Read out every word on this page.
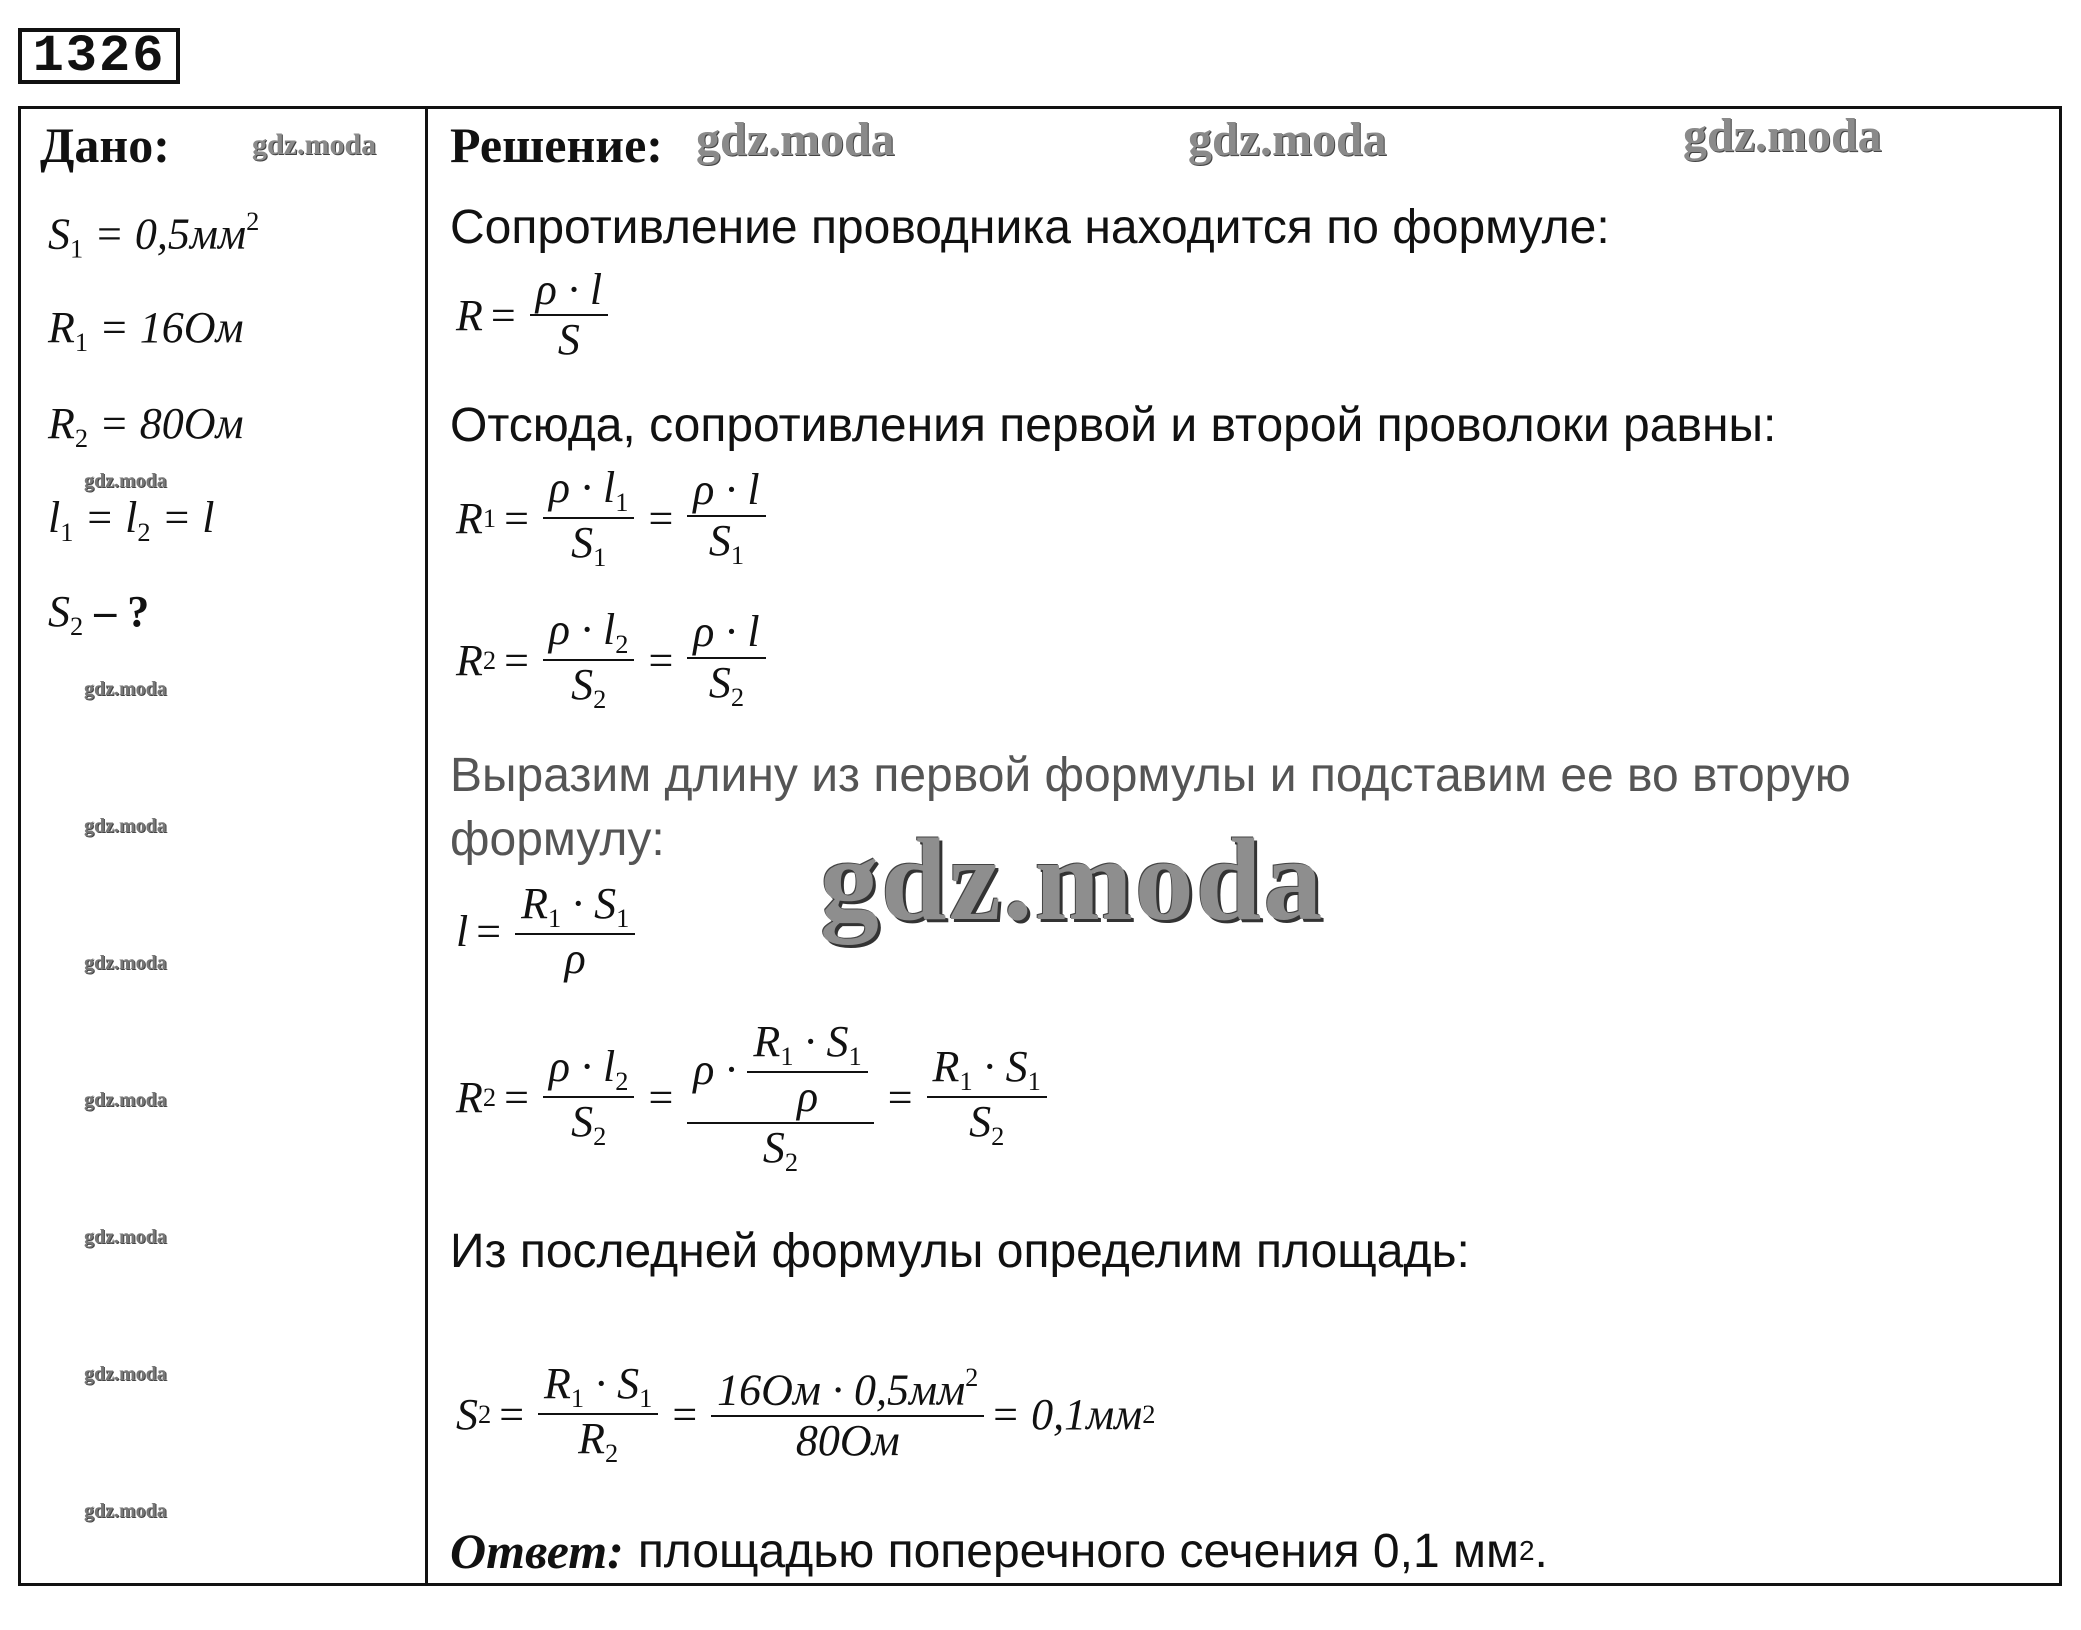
1326
Дано:	gdz.moda
$S_1 = 0,5мм^2$
$R_1 = 16Ом$
$R_2 = 80Ом$
gdz.moda
$l_1 = l_2 = l$
$S_2$ – ?
gdz.moda
gdz.moda
gdz.moda
gdz.moda
gdz.moda
gdz.moda
gdz.moda
Решение: gdz.moda	gdz.moda	gdz.moda
Сопротивление проводника находится по формуле:
$R = \frac{\rho \cdot l}{S}$
Отсюда, сопротивления первой и второй проволоки равны:
R $1 = \frac{\rho \cdot l_1}{S_1} = \frac{\rho \cdot l}{S_1}$
R $2 = \frac{\rho \cdot l_2}{S_2} = \frac{\rho \cdot l}{S_2}$
Выразим длину из первой формулы и подставим ее во вторую
формулу: gdz.moda
$l = \frac{R_1 \cdot S_1}{\rho}$
R $2 = \frac{\rho \cdot l_2}{S_2} = \frac{\rho \cdot \frac{R_1 \cdot S_1}{\rho}}{S_2} = \frac{R_1 \cdot S_1}{S_2}$
Из последней формулы определим площадь:
S $2 = \frac{R_1 \cdot S_1}{R_2} = \frac{16Ом \cdot 0,5мм^2}{80Ом} = 0,1мм$ 2
Ответ: площадью поперечного сечения 0,1 мм 2 .
